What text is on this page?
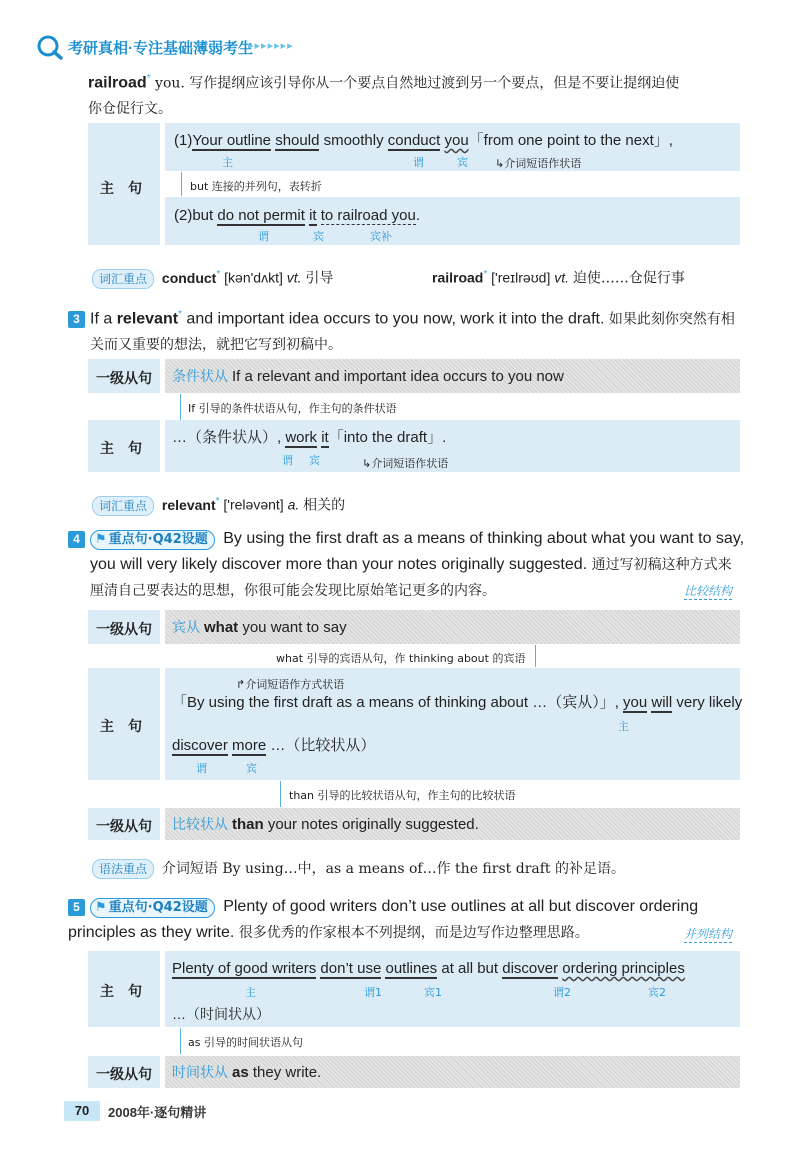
考研真相·专注基础薄弱考生
▸▸▸▸▸▸▸
railroad* you. 写作提纲应该引导你从一个要点自然地过渡到另一个要点，但是不要让提纲迫使
你仓促行文。
主　句
(1)Your outline should smoothly conduct you「from one point to the next」,
主	谓	宾 ↳介词短语作状语
but 连接的并列句，表转折
(2)but do not permit it to railroad you.
谓	宾	宾补
词汇重点 conduct* [kən'dʌkt] vt. 引导	railroad* ['reɪlrəʊd] vt. 迫使……仓促行事
3 If a relevant* and important idea occurs to you now, work it into the draft. 如果此刻你突然有相
关而又重要的想法，就把它写到初稿中。
一级从句 条件状从 If a relevant and important idea occurs to you now
If 引导的条件状语从句，作主句的条件状语
主　句
…（条件状从）, work it「into the draft」.
谓 宾	↳介词短语作状语
词汇重点 relevant* ['reləvənt] a. 相关的
4 ⚑ 重点句·Q42设题 By using the first draft as a means of thinking about what you want to say,
you will very likely discover more than your notes originally suggested. 通过写初稿这种方式来
厘清自己要表达的思想，你很可能会发现比原始笔记更多的内容。	比较结构
一级从句 宾从 what you want to say
what 引导的宾语从句，作 thinking about 的宾语
主　句
↱介词短语作方式状语
「By using the first draft as a means of thinking about …（宾从）」, you will very likely
主
discover more …（比较状从）
谓	宾
than 引导的比较状语从句，作主句的比较状语
一级从句 比较状从 than your notes originally suggested.
语法重点 介词短语 By using…中，as a means of…作 the first draft 的补足语。
5 ⚑ 重点句·Q42设题 Plenty of good writers don’t use outlines at all but discover ordering
principles as they write. 很多优秀的作家根本不列提纲，而是边写作边整理思路。	并列结构
主　句
Plenty of good writers don’t use outlines at all but discover ordering principles
主	谓1	宾1	谓2	宾2
…（时间状从）
as 引导的时间状语从句
一级从句 时间状从 as they write.
70	2008年·逐句精讲
